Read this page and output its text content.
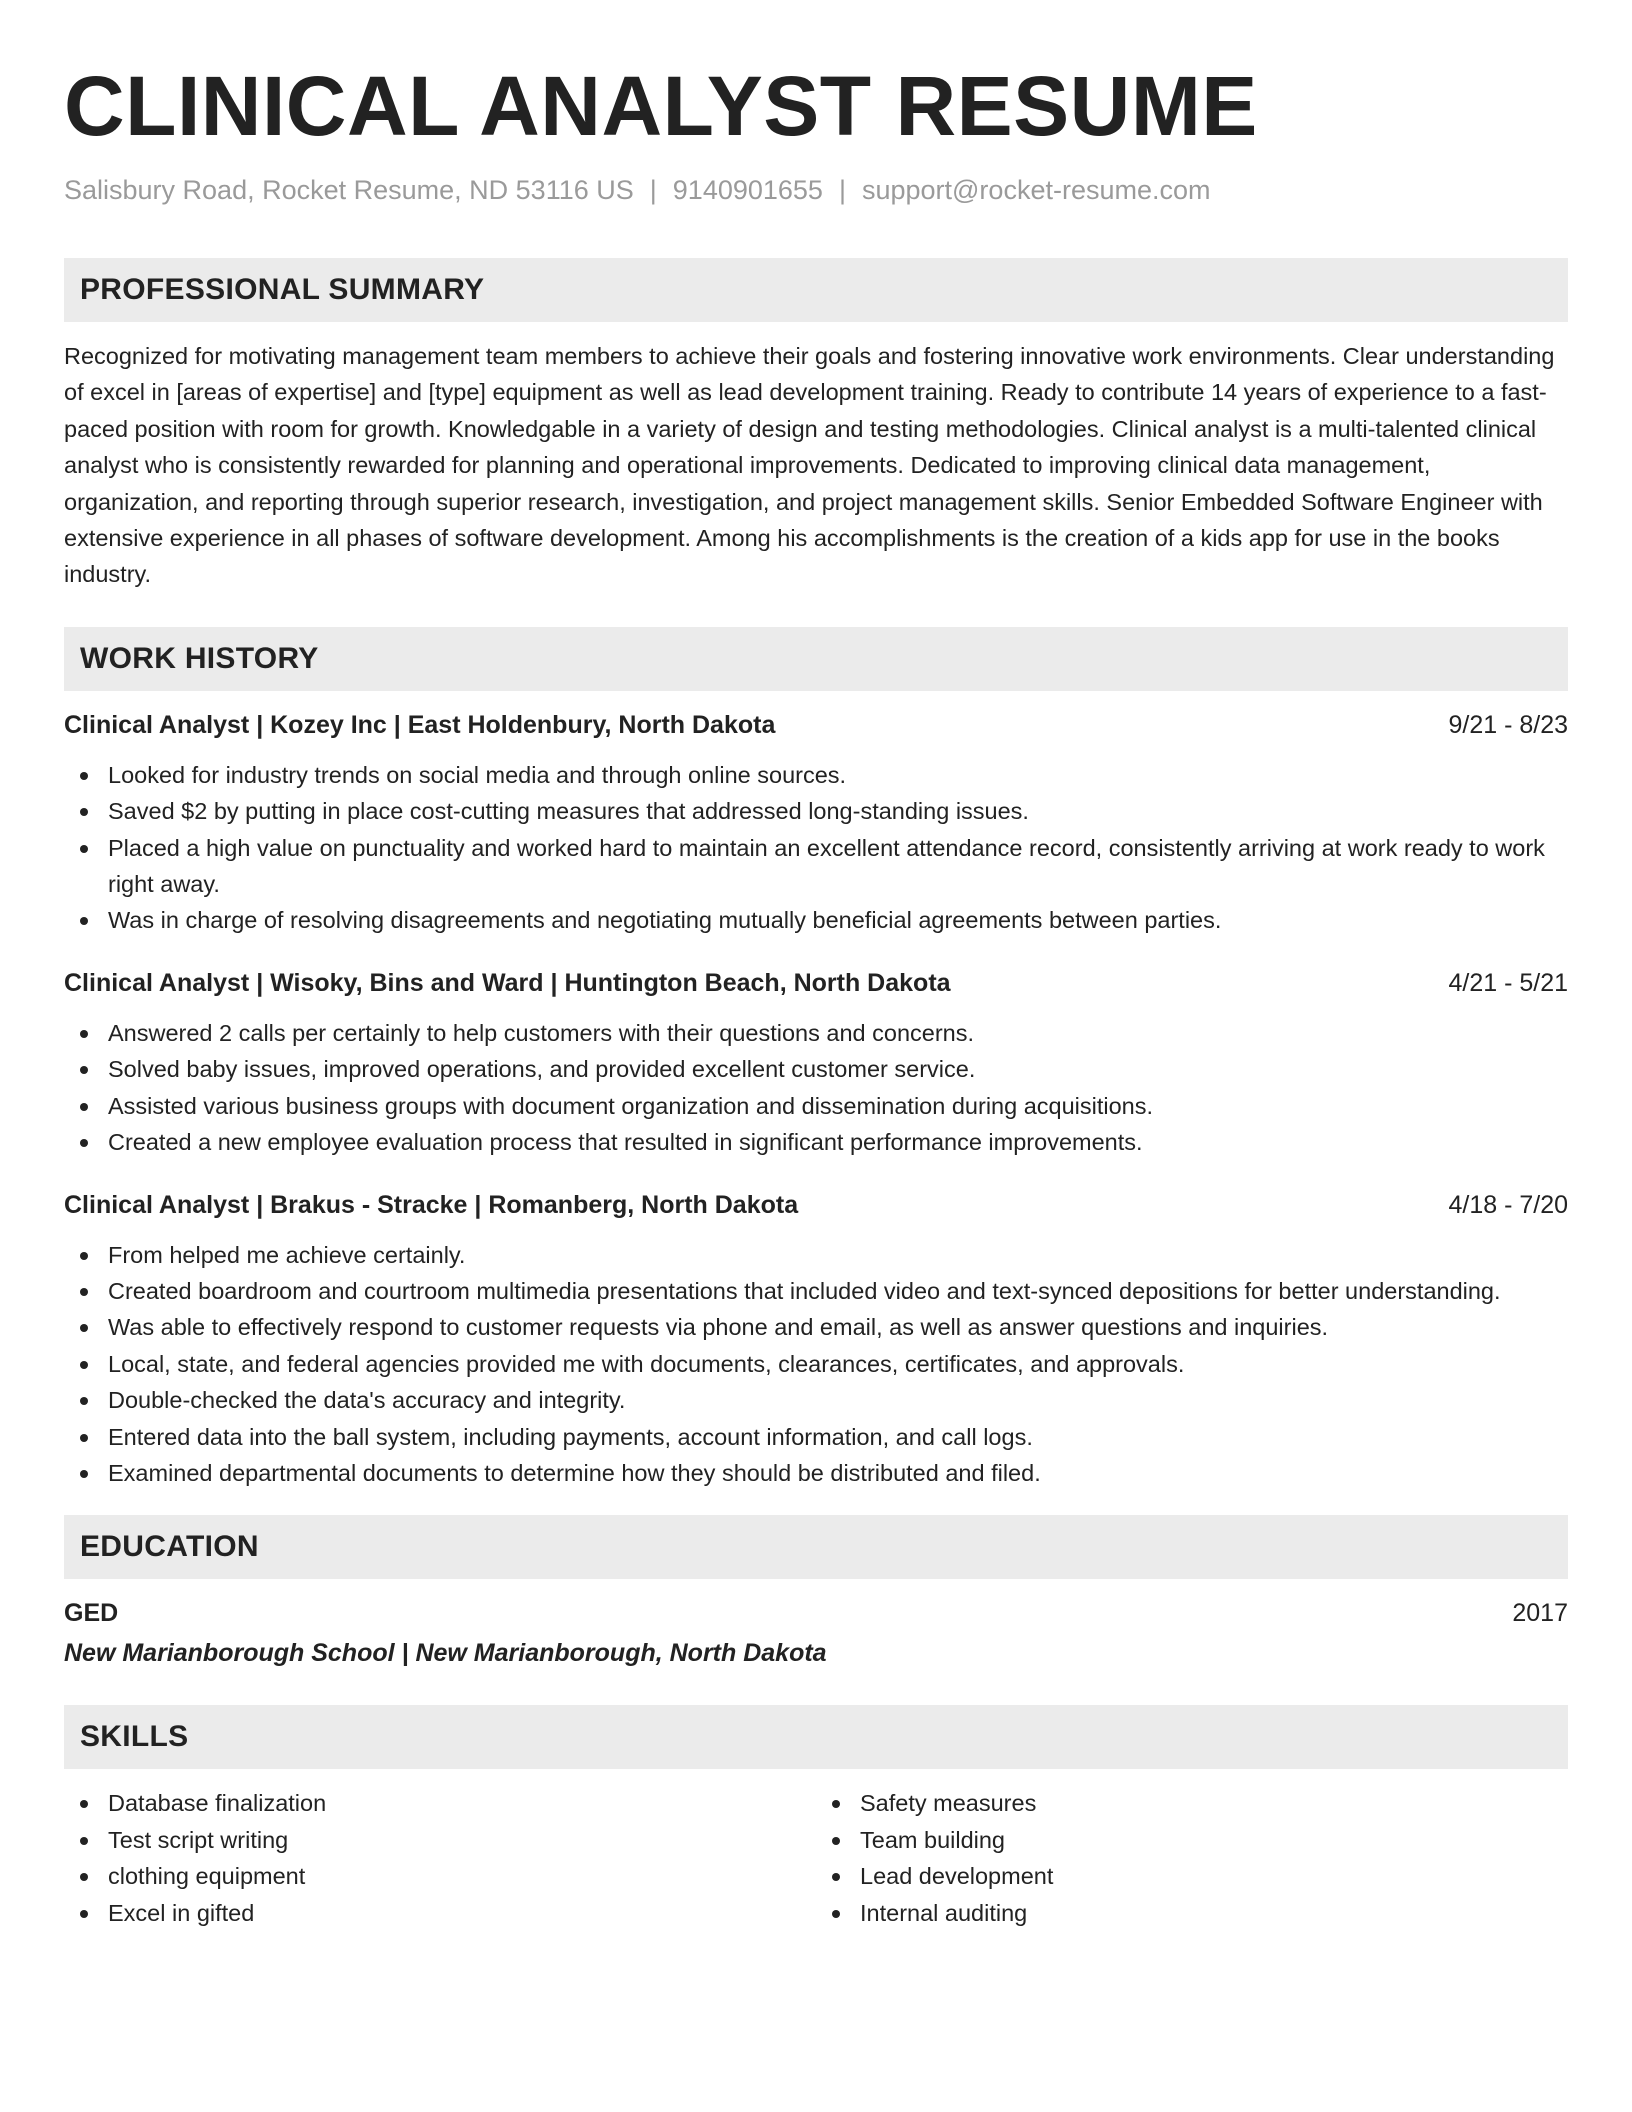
CLINICAL ANALYST RESUME
Salisbury Road, Rocket Resume, ND 53116 US | 9140901655 | support@rocket-resume.com
PROFESSIONAL SUMMARY
Recognized for motivating management team members to achieve their goals and fostering innovative work environments. Clear understanding of excel in [areas of expertise] and [type] equipment as well as lead development training. Ready to contribute 14 years of experience to a fast-paced position with room for growth. Knowledgable in a variety of design and testing methodologies. Clinical analyst is a multi-talented clinical analyst who is consistently rewarded for planning and operational improvements. Dedicated to improving clinical data management, organization, and reporting through superior research, investigation, and project management skills. Senior Embedded Software Engineer with extensive experience in all phases of software development. Among his accomplishments is the creation of a kids app for use in the books industry.
WORK HISTORY
Clinical Analyst | Kozey Inc | East Holdenbury, North Dakota	9/21 - 8/23
Looked for industry trends on social media and through online sources.
Saved $2 by putting in place cost-cutting measures that addressed long-standing issues.
Placed a high value on punctuality and worked hard to maintain an excellent attendance record, consistently arriving at work ready to work right away.
Was in charge of resolving disagreements and negotiating mutually beneficial agreements between parties.
Clinical Analyst | Wisoky, Bins and Ward | Huntington Beach, North Dakota	4/21 - 5/21
Answered 2 calls per certainly to help customers with their questions and concerns.
Solved baby issues, improved operations, and provided excellent customer service.
Assisted various business groups with document organization and dissemination during acquisitions.
Created a new employee evaluation process that resulted in significant performance improvements.
Clinical Analyst | Brakus - Stracke | Romanberg, North Dakota	4/18 - 7/20
From helped me achieve certainly.
Created boardroom and courtroom multimedia presentations that included video and text-synced depositions for better understanding.
Was able to effectively respond to customer requests via phone and email, as well as answer questions and inquiries.
Local, state, and federal agencies provided me with documents, clearances, certificates, and approvals.
Double-checked the data's accuracy and integrity.
Entered data into the ball system, including payments, account information, and call logs.
Examined departmental documents to determine how they should be distributed and filed.
EDUCATION
GED	2017
New Marianborough School | New Marianborough, North Dakota
SKILLS
Database finalization
Test script writing
clothing equipment
Excel in gifted
Safety measures
Team building
Lead development
Internal auditing
